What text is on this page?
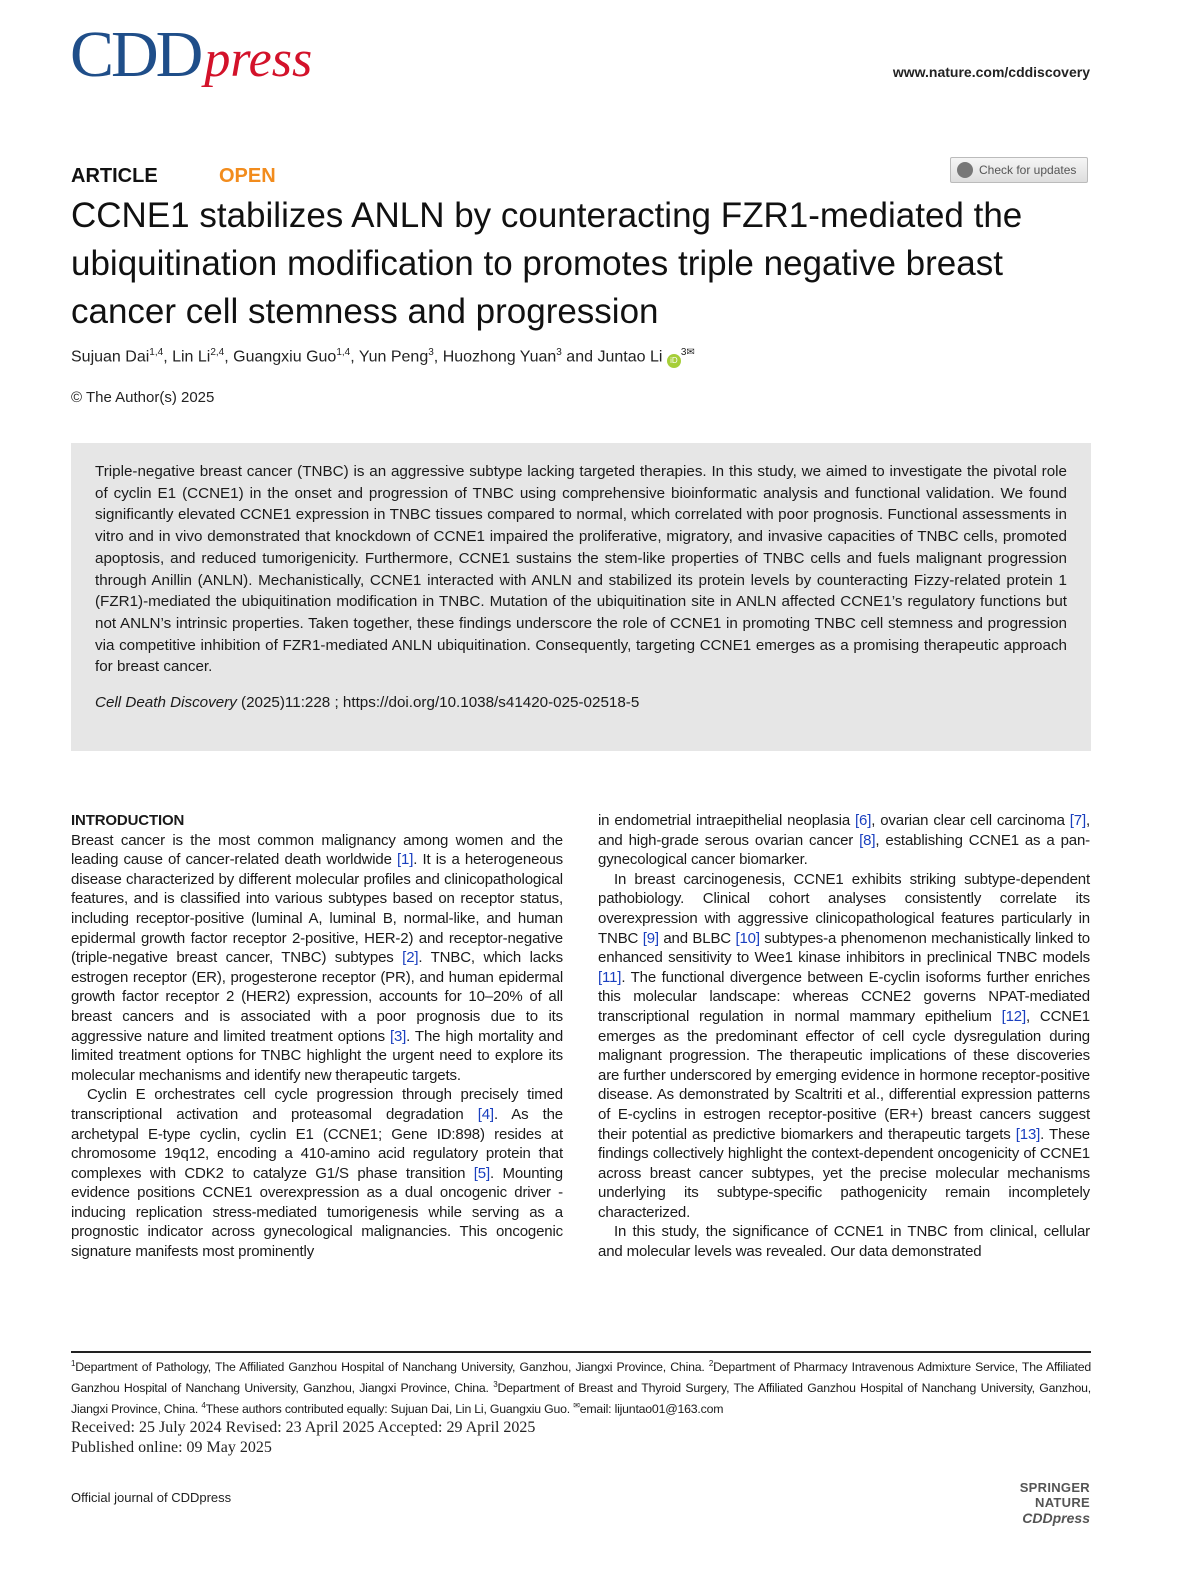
CDDpress	www.nature.com/cddiscovery
ARTICLE	OPEN	Check for updates
CCNE1 stabilizes ANLN by counteracting FZR1-mediated the ubiquitination modification to promotes triple negative breast cancer cell stemness and progression
Sujuan Dai$^{1,4}$, Lin Li$^{2,4}$, Guangxiu Guo$^{1,4}$, Yun Peng$^3$, Huozhong Yuan$^3$ and Juntao Li $iD^{3✉}$
© The Author(s) 2025

Triple-negative breast cancer (TNBC) is an aggressive subtype lacking targeted therapies. In this study, we aimed to investigate the pivotal role of cyclin E1 (CCNE1) in the onset and progression of TNBC using comprehensive bioinformatic analysis and functional validation. We found significantly elevated CCNE1 expression in TNBC tissues compared to normal, which correlated with poor prognosis. Functional assessments in vitro and in vivo demonstrated that knockdown of CCNE1 impaired the proliferative, migratory, and invasive capacities of TNBC cells, promoted apoptosis, and reduced tumorigenicity. Furthermore, CCNE1 sustains the stem-like properties of TNBC cells and fuels malignant progression through Anillin (ANLN). Mechanistically, CCNE1 interacted with ANLN and stabilized its protein levels by counteracting Fizzy-related protein 1 (FZR1)-mediated the ubiquitination modification in TNBC. Mutation of the ubiquitination site in ANLN affected CCNE1’s regulatory functions but not ANLN’s intrinsic properties. Taken together, these findings underscore the role of CCNE1 in promoting TNBC cell stemness and progression via competitive inhibition of FZR1-mediated ANLN ubiquitination. Consequently, targeting CCNE1 emerges as a promising therapeutic approach for breast cancer.

Cell Death Discovery (2025)11:228 ; https://doi.org/10.1038/s41420-025-02518-5

INTRODUCTION

Breast cancer is the most common malignancy among women and the leading cause of cancer-related death worldwide [1]. It is a heterogeneous disease characterized by different molecular profiles and clinicopathological features, and is classified into various subtypes based on receptor status, including receptor-positive (luminal A, luminal B, normal-like, and human epidermal growth factor receptor 2-positive, HER-2) and receptor-negative (triple-negative breast cancer, TNBC) subtypes [2]. TNBC, which lacks estrogen receptor (ER), progesterone receptor (PR), and human epidermal growth factor receptor 2 (HER2) expression, accounts for 10–20% of all breast cancers and is associated with a poor prognosis due to its aggressive nature and limited treatment options [3]. The high mortality and limited treatment options for TNBC highlight the urgent need to explore its molecular mechanisms and identify new therapeutic targets.

Cyclin E orchestrates cell cycle progression through precisely timed transcriptional activation and proteasomal degradation [4]. As the archetypal E-type cyclin, cyclin E1 (CCNE1; Gene ID:898) resides at chromosome 19q12, encoding a 410-amino acid regulatory protein that complexes with CDK2 to catalyze G1/S phase transition [5]. Mounting evidence positions CCNE1 overexpression as a dual oncogenic driver - inducing replication stress-mediated tumorigenesis while serving as a prognostic indicator across gynecological malignancies. This oncogenic signature manifests most prominently

in endometrial intraepithelial neoplasia [6], ovarian clear cell carcinoma [7], and high-grade serous ovarian cancer [8], establishing CCNE1 as a pan-gynecological cancer biomarker.

In breast carcinogenesis, CCNE1 exhibits striking subtype-dependent pathobiology. Clinical cohort analyses consistently correlate its overexpression with aggressive clinicopathological features particularly in TNBC [9] and BLBC [10] subtypes-a phenomenon mechanistically linked to enhanced sensitivity to Wee1 kinase inhibitors in preclinical TNBC models [11]. The functional divergence between E-cyclin isoforms further enriches this molecular landscape: whereas CCNE2 governs NPAT-mediated transcriptional regulation in normal mammary epithelium [12], CCNE1 emerges as the predominant effector of cell cycle dysregulation during malignant progression. The therapeutic implications of these discoveries are further underscored by emerging evidence in hormone receptor-positive disease. As demonstrated by Scaltriti et al., differential expression patterns of E-cyclins in estrogen receptor-positive (ER+) breast cancers suggest their potential as predictive biomarkers and therapeutic targets [13]. These findings collectively highlight the context-dependent oncogenicity of CCNE1 across breast cancer subtypes, yet the precise molecular mechanisms underlying its subtype-specific pathogenicity remain incompletely characterized.

In this study, the significance of CCNE1 in TNBC from clinical, cellular and molecular levels was revealed. Our data demonstrated

$^1$Department of Pathology, The Affiliated Ganzhou Hospital of Nanchang University, Ganzhou, Jiangxi Province, China. $^2$Department of Pharmacy Intravenous Admixture Service, The Affiliated Ganzhou Hospital of Nanchang University, Ganzhou, Jiangxi Province, China. $^3$Department of Breast and Thyroid Surgery, The Affiliated Ganzhou Hospital of Nanchang University, Ganzhou, Jiangxi Province, China. $^4$These authors contributed equally: Sujuan Dai, Lin Li, Guangxiu Guo. ✉email: lijuntao01@163.com
Received: 25 July 2024 Revised: 23 April 2025 Accepted: 29 April 2025
Published online: 09 May 2025
Official journal of CDDpress
SPRINGER NATURE
CDDpress
